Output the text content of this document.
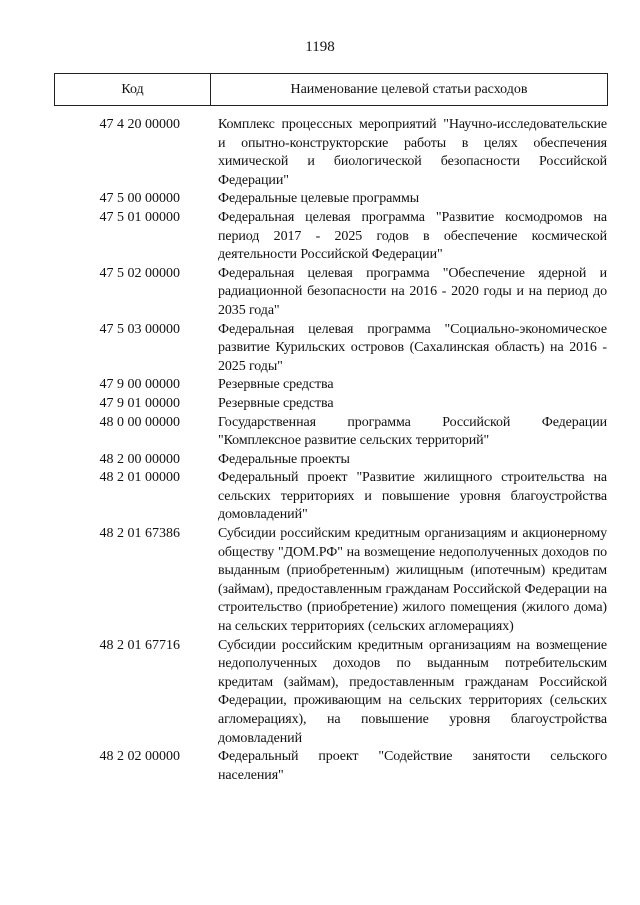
1198
Код	Наименование целевой статьи расходов
47 4 20 00000	Комплекс процессных мероприятий "Научно-исследовательские и опытно-конструкторские работы в целях обеспечения химической и биологической безопасности Российской Федерации"
47 5 00 00000	Федеральные целевые программы
47 5 01 00000	Федеральная целевая программа "Развитие космодромов на период 2017 - 2025 годов в обеспечение космической деятельности Российской Федерации"
47 5 02 00000	Федеральная целевая программа "Обеспечение ядерной и радиационной безопасности на 2016 - 2020 годы и на период до 2035 года"
47 5 03 00000	Федеральная целевая программа "Социально-экономическое развитие Курильских островов (Сахалинская область) на 2016 - 2025 годы"
47 9 00 00000	Резервные средства
47 9 01 00000	Резервные средства
48 0 00 00000	Государственная программа Российской Федерации "Комплексное развитие сельских территорий"
48 2 00 00000	Федеральные проекты
48 2 01 00000	Федеральный проект "Развитие жилищного строительства на сельских территориях и повышение уровня благоустройства домовладений"
48 2 01 67386	Субсидии российским кредитным организациям и акционерному обществу "ДОМ.РФ" на возмещение недополученных доходов по выданным (приобретенным) жилищным (ипотечным) кредитам (займам), предоставленным гражданам Российской Федерации на строительство (приобретение) жилого помещения (жилого дома) на сельских территориях (сельских агломерациях)
48 2 01 67716	Субсидии российским кредитным организациям на возмещение недополученных доходов по выданным потребительским кредитам (займам), предоставленным гражданам Российской Федерации, проживающим на сельских территориях (сельских агломерациях), на повышение уровня благоустройства домовладений
48 2 02 00000	Федеральный проект "Содействие занятости сельского населения"
